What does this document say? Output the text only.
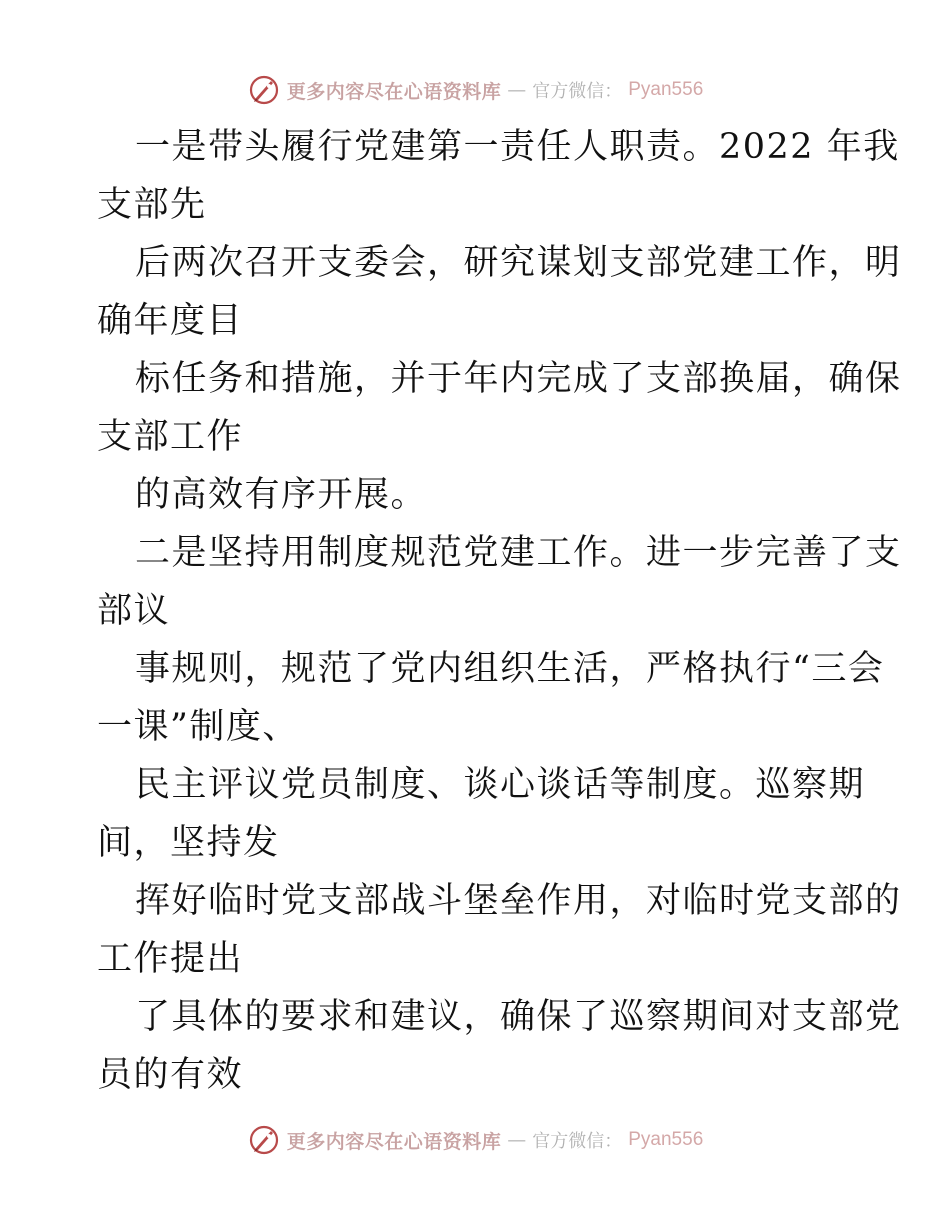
更多内容尽在心语资料库 — 官方微信： Pyan556
一是带头履行党建第一责任人职责。2022 年我
支部先
后两次召开支委会，研究谋划支部党建工作，明
确年度目
标任务和措施，并于年内完成了支部换届，确保
支部工作
的高效有序开展。
二是坚持用制度规范党建工作。进一步完善了支
部议
事规则，规范了党内组织生活，严格执行“三会
一课”制度、
民主评议党员制度、谈心谈话等制度。巡察期
间，坚持发
挥好临时党支部战斗堡垒作用，对临时党支部的
工作提出
了具体的要求和建议，确保了巡察期间对支部党
员的有效
更多内容尽在心语资料库 — 官方微信： Pyan556
